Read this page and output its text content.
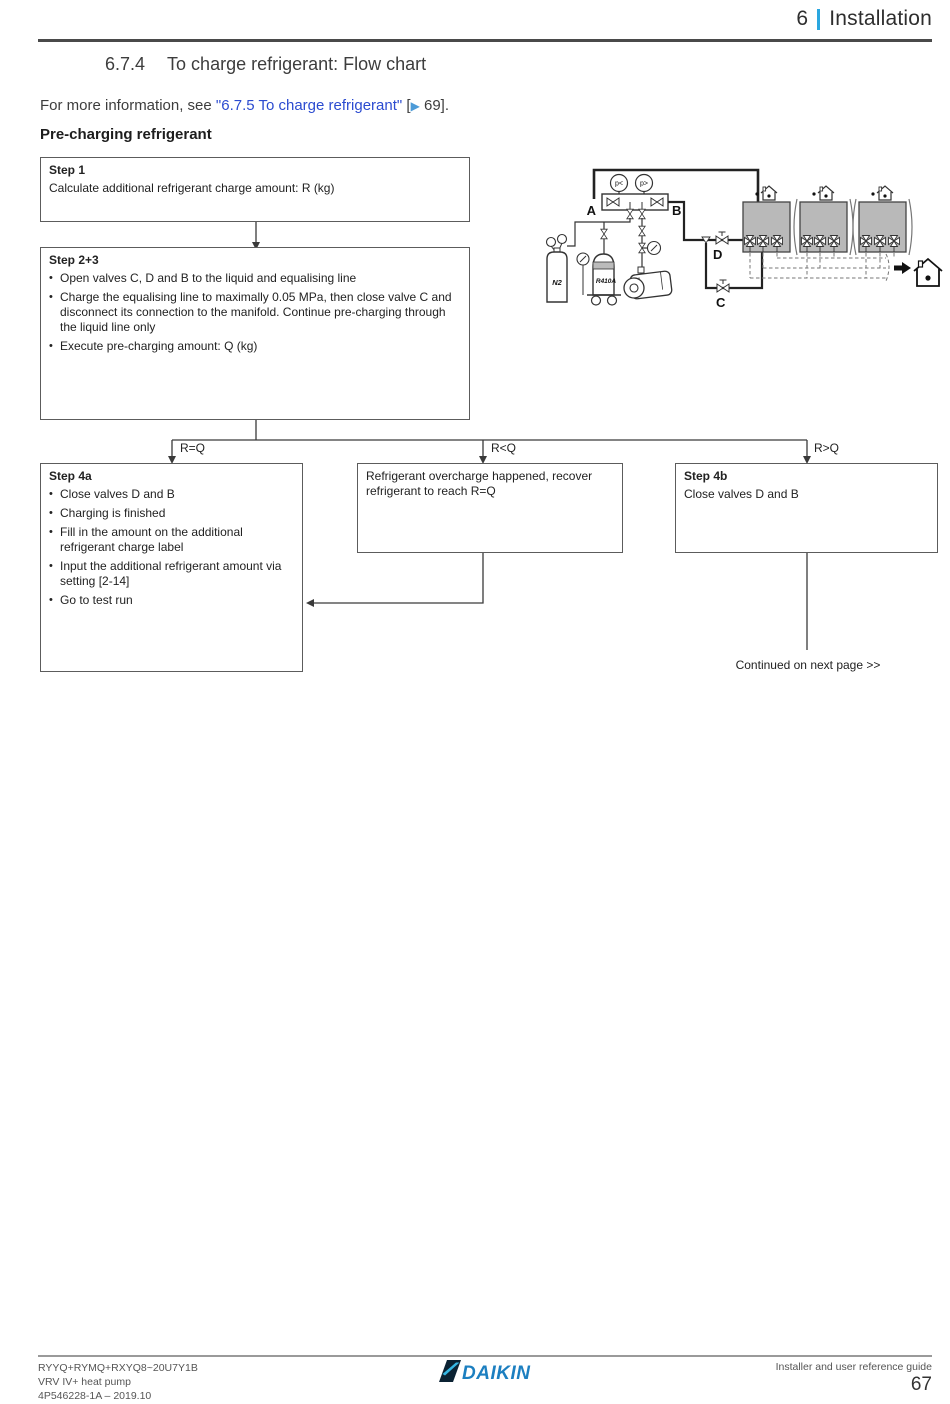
6 Installation
6.7.4 To charge refrigerant: Flow chart
For more information, see "6.7.5 To charge refrigerant" [▶ 69].
Pre-charging refrigerant
R=Q	R<Q	R>Q
Step 1
Calculate additional refrigerant charge amount: R (kg)
Step 2+3
• Open valves C, D and B to the liquid and equalising line
• Charge the equalising line to maximally 0.05 MPa, then close valve C and disconnect its connection to the manifold. Continue pre-charging through the liquid line only
• Execute pre-charging amount: Q (kg)
Step 4a
• Close valves D and B
• Charging is finished
• Fill in the amount on the additional refrigerant charge label
• Input the additional refrigerant amount via setting [2-14]
• Go to test run
Refrigerant overcharge happened, recover refrigerant to reach R=Q
Step 4b
Close valves D and B
Continued on next page >>
p< p>
A	B
N2	R410A
D
C
RYYQ+RYMQ+RXYQ8~20U7Y1B
VRV IV+ heat pump
4P546228-1A – 2019.10
DAIKIN	Installer and user reference guide
67
